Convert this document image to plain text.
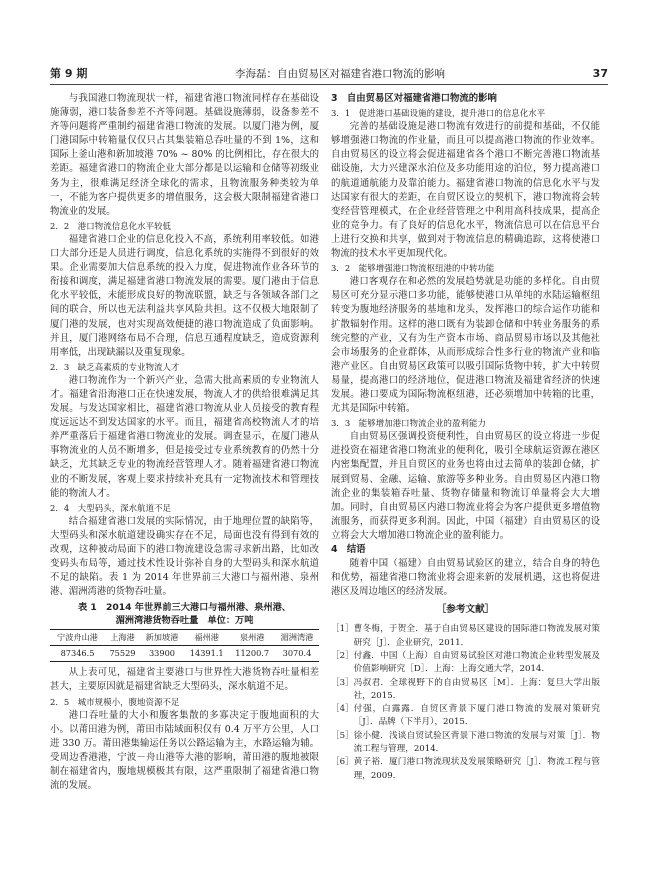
第 9 期	李海磊：自由贸易区对福建省港口物流的影响	37

与我国港口物流现状一样，福建省港口物流同样存在基础设施薄弱，港口装备参差不齐等问题。基础设施薄弱，设备参差不齐等问题将严重制约福建省港口物流的发展。以厦门港为例，厦门港国际中转箱量仅仅只占其集装箱总吞吐量的不到 1%，这和国际上釜山港和新加坡港 70% ~ 80% 的比例相比，存在很大的差距。福建省港口的物流企业大部分都是以运输和仓储等初级业务为主，很难满足经济全球化的需求，且物流服务种类较为单一，不能为客户提供更多的增值服务，这会极大限制福建省港口物流业的发展。

2．2　港口物流信息化水平较低

福建省港口企业的信息化投入不高，系统利用率较低。如港口大部分还是人员进行调度，信息化系统的实施得不到很好的效果。企业需要加大信息系统的投入力度，促进物流作业各环节的衔接和调度，满足福建省港口物流发展的需要。厦门港由于信息化水平较低，未能形成良好的物流联盟，缺乏与各领域各部门之间的联合，所以也无法利益共享风险共担。这不仅极大地限制了厦门港的发展，也对实现高效便捷的港口物流造成了负面影响。并且，厦门港网络布局不合理，信息互通程度缺乏，造成资源利用率低，出现缺漏以及重复现象。

2．3　缺乏高素质的专业物流人才

港口物流作为一个新兴产业，急需大批高素质的专业物流人才。福建省沿海港口正在快速发展，物流人才的供给很难满足其发展。与发达国家相比，福建省港口物流从业人员接受的教育程度远远达不到发达国家的水平。而且，福建省高校物流人才的培养严重落后于福建省港口物流业的发展。调查显示，在厦门港从事物流业的人员不断增多，但是接受过专业系统教育的仍然十分缺乏，尤其缺乏专业的物流经营管理人才。随着福建省港口物流业的不断发展，客观上要求持续补充具有一定物流技术和管理技能的物流人才。

2．4　大型码头，深水航道不足

结合福建省港口发展的实际情况，由于地理位置的缺陷等，大型码头和深水航道建设确实存在不足，局面也没有得到有效的改观，这种被动局面下的港口物流建设急需寻求新出路，比如改变码头布局等，通过技术性设计弥补自身的大型码头和深水航道不足的缺陷。表 1 为 2014 年世界前三大港口与福州港、泉州港、湄洲湾港的货物吞吐量。

表 1　2014 年世界前三大港口与福州港、泉州港、
湄洲湾港货物吞吐量　单位：万吨

宁波舟山港	上海港	新加坡港	福州港	泉州港	湄洲湾港
87346.5	75529	33900	14391.1	11200.7	3070.4

从上表可见，福建省主要港口与世界性大港货物吞吐量相差甚大，主要原因就是福建省缺乏大型码头，深水航道不足。

2．5　城市规模小，腹地资源不足

港口吞吐量的大小和腹客集散的多寡决定于腹地面积的大小。以莆田港为例，莆田市陆域面积仅有 0.4 万平方公里，人口进 330 万。莆田港集输运任务以公路运输为主，水路运输为辅。受周边香港港，宁波－舟山港等大港的影响，莆田港的腹地被限制在福建省内，腹地规模极其有限，这严重限制了福建省港口物流的发展。

3　自由贸易区对福建省港口物流的影响

3．1　促进港口基础设施的建设，提升港口的信息化水平

完善的基础设施是港口物流有效进行的前提和基础，不仅能够增强港口物流的作业量，而且可以提高港口物流的作业效率。自由贸易区的设立将会促进福建省各个港口不断完善港口物流基础设施，大力兴建深水泊位及多功能用途的泊位，努力提高港口的航道通航能力及靠泊能力。福建省港口物流的信息化水平与发达国家有很大的差距，在自贸区设立的契机下，港口物流将会转变经营管理模式，在企业经营管理之中利用高科技成果，提高企业的竞争力。有了良好的信息化水平，物流信息可以在信息平台上进行交换和共享，做到对于物流信息的精确追踪，这将使港口物流的技术水平更加现代化。

3．2　能够增强港口物流枢纽港的中转功能

港口客观存在和必然的发展趋势就是功能的多样化。自由贸易区可充分显示港口多功能，能够使港口从单纯的水陆运输枢纽转变为腹地经济服务的基地和龙头，发挥港口的综合运作功能和扩散辐射作用。这样的港口既有为装卸仓储和中转业务服务的系统完整的产业，又有为生产资本市场、商品贸易市场以及其他社会市场服务的企业群体，从而形成综合性多行业的物流产业和临港产业区。自由贸易区政策可以吸引国际货物中转，扩大中转贸易量，提高港口的经济地位，促进港口物流及福建省经济的快速发展。港口要成为国际物流枢纽港，还必须增加中转箱的比重，尤其是国际中转箱。

3．3　能够增加港口物流企业的盈利能力

自由贸易区强调投资便利性，自由贸易区的设立将进一步促进投资在福建省港口物流业的便利化，吸引全球航运资源在港区内密集配置，并且自贸区的业务也将由过去简单的装卸仓储，扩展到贸易、金融、运输、旅游等多种业务。自由贸易区内港口物流企业的集装箱吞吐量、货物存储量和物流订单量将会大大增加。同时，自由贸易区内港口物流业将会为客户提供更多增值物流服务，而获得更多利润。因此，中国（福建）自由贸易区的设立将会大大增加港口物流企业的盈利能力。

4　结语

随着中国（福建）自由贸易试验区的建立，结合自身的特色和优势，福建省港口物流业将会迎来新的发展机遇，这也将促进港区及周边地区的经济发展。

［参考文献］

［1］ 曹冬梅，于贺全．基于自由贸易区建设的国际港口物流发展对策研究［J］．企业研究，2011．
［2］ 付鑫．中国（上海）自由贸易试验区对港口物流企业转型发展及价值影响研究［D］．上海：上海交通大学，2014．
［3］ 冯叔君．全球视野下的自由贸易区［M］．上海：复旦大学出版社，2015．
［4］ 付强，白露露．自贸区背景下厦门港口物流的发展对策研究［J］．品牌（下半月），2015．
［5］ 徐小健．浅谈自贸试验区背景下港口物流的发展与对策［J］．物流工程与管理，2014．
［6］ 黄子裕．厦门港口物流现状及发展策略研究［J］．物流工程与管理，2009．
